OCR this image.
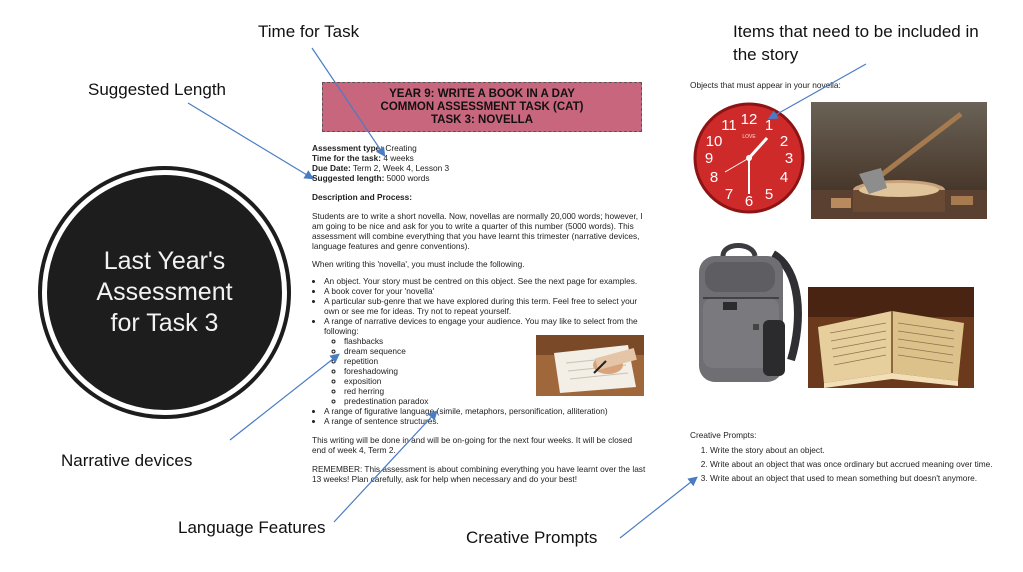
Time for Task
Suggested Length
Items that need to be included in
the story
Narrative devices
Language Features
Creative Prompts
Last Year's
Assessment
for Task 3
YEAR 9: WRITE A BOOK IN A DAY
COMMON ASSESSMENT TASK (CAT)
TASK 3: NOVELLA
Assessment type: Creating
Time for the task: 4 weeks
Due Date: Term 2, Week 4, Lesson 3
Suggested length: 5000 words
Description and Process:
Students are to write a short novella. Now, novellas are normally 20,000 words; however, I am going to be nice and ask for you to write a quarter of this number (5000 words). This assessment will combine everything that you have learnt this trimester (narrative devices, language features and genre conventions).
When writing this 'novella', you must include the following.
• An object. Your story must be centred on this object. See the next page for examples.
• A book cover for your 'novella'
• A particular sub-genre that we have explored during this term. Feel free to select your own or see me for ideas. Try not to repeat yourself.
• A range of narrative devices to engage your audience. You may like to select from the following:
◦ flashbacks
◦ dream sequence
◦ repetition
◦ foreshadowing
◦ exposition
◦ red herring
◦ predestination paradox
• A range of figurative language (simile, metaphors, personification, alliteration)
• A range of sentence structures.
This writing will be done in and will be on-going for the next four weeks. It will be closed end of week 4, Term 2.
REMEMBER: This assessment is about combining everything you have learnt over the last 13 weeks! Plan carefully, ask for help when necessary and do your best!
Objects that must appear in your novella:
12 1
2
3
4
5
6
7
8
9
10
11
LOVE
Creative Prompts:
1. Write the story about an object.
2. Write about an object that was once ordinary but accrued meaning over time.
3. Write about an object that used to mean something but doesn't anymore.
